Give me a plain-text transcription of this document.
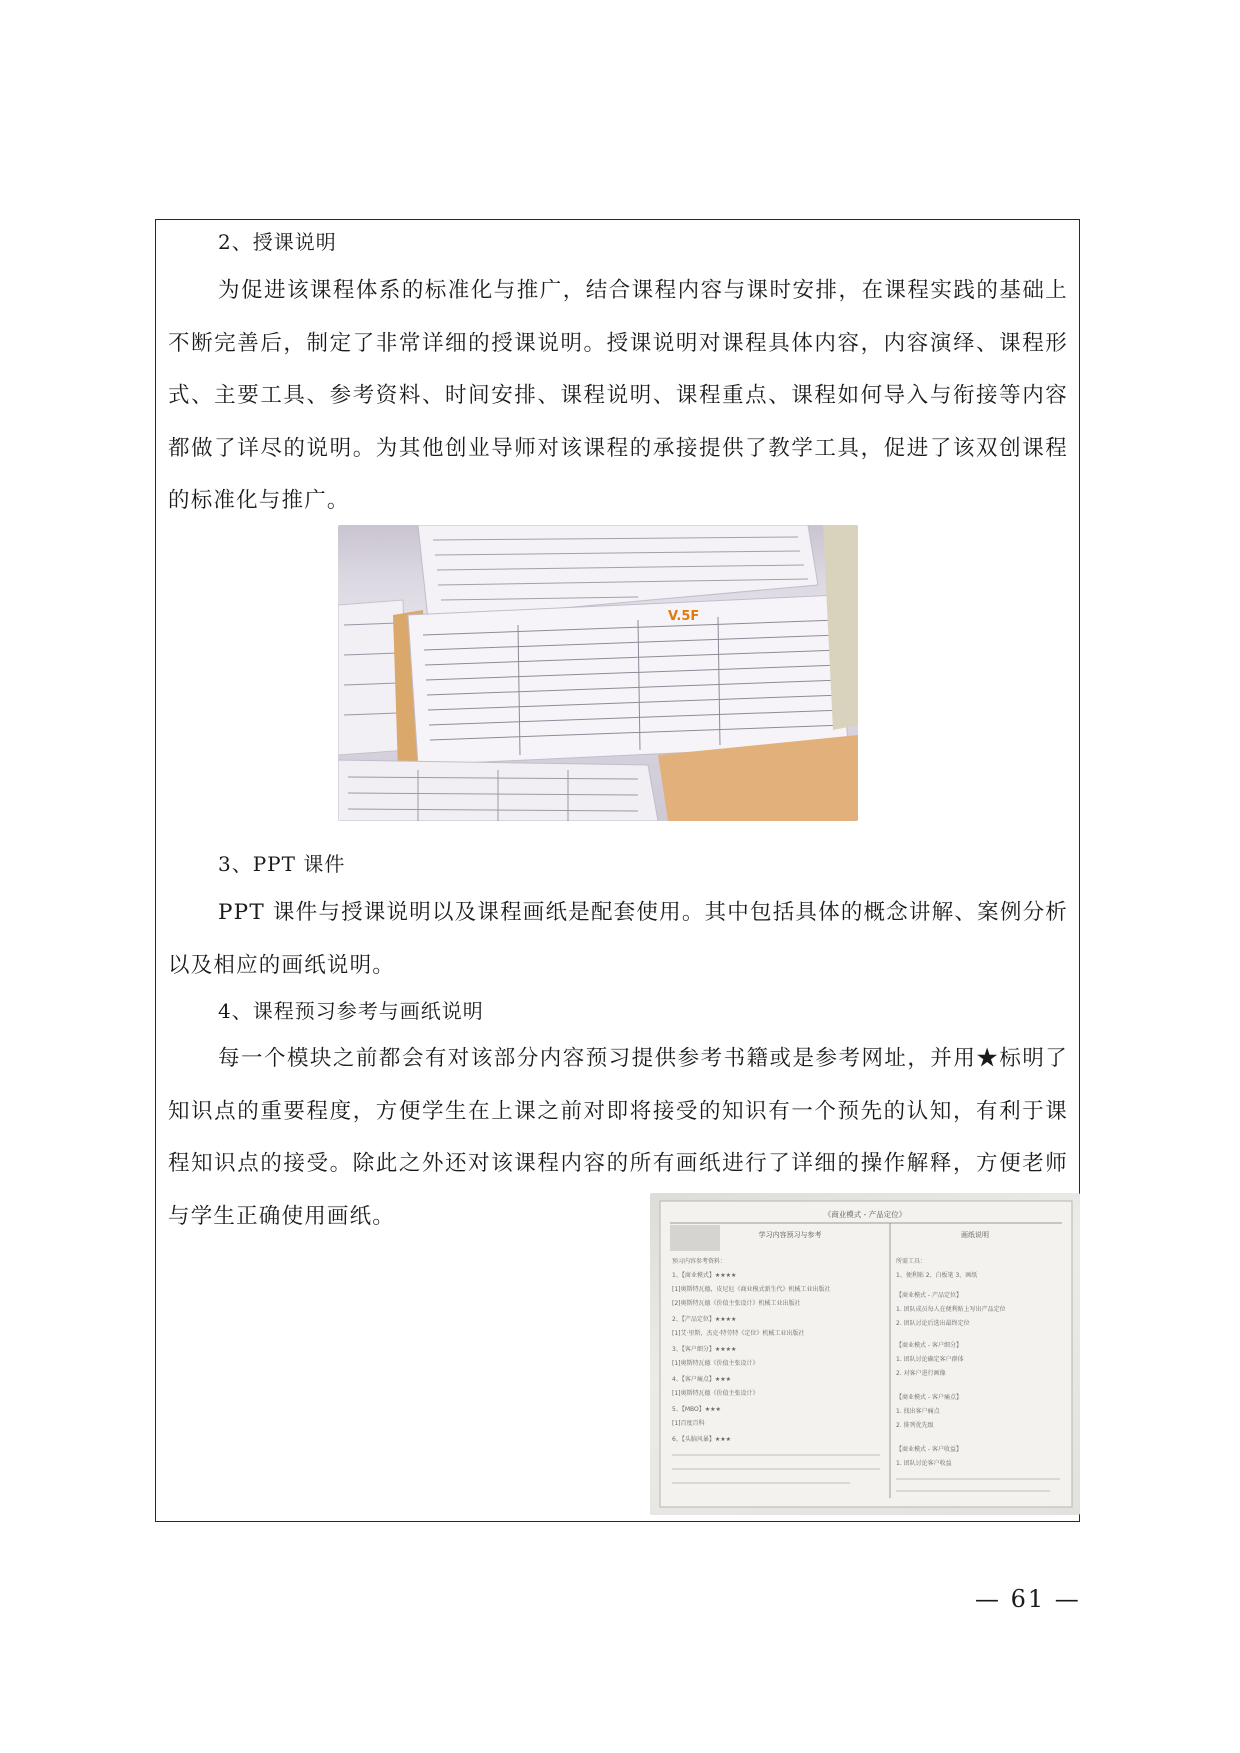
2、授课说明

为促进该课程体系的标准化与推广，结合课程内容与课时安排，在课程实践的基础上不断完善后，制定了非常详细的授课说明。授课说明对课程具体内容，内容演绎、课程形式、主要工具、参考资料、时间安排、课程说明、课程重点、课程如何导入与衔接等内容都做了详尽的说明。为其他创业导师对该课程的承接提供了教学工具，促进了该双创课程的标准化与推广。

V.5F
3、PPT 课件

PPT 课件与授课说明以及课程画纸是配套使用。其中包括具体的概念讲解、案例分析以及相应的画纸说明。

4、课程预习参考与画纸说明

每一个模块之前都会有对该部分内容预习提供参考书籍或是参考网址，并用★标明了知识点的重要程度，方便学生在上课之前对即将接受的知识有一个预先的认知，有利于课程知识点的接受。除此之外还对该课程内容的所有画纸进行了详细的操作解释，方便老师与学生正确使用画纸。	《商业模式 - 产品定位》
学习内容预习与参考	画纸说明
预习内容参考资料：
1、【商业模式】★★★★
[1]奥斯特瓦德，皮尼厄《商业模式新生代》机械工业出版社
[2]奥斯特瓦德《价值主张设计》机械工业出版社
2、【产品定位】★★★★
[1]艾·里斯，杰克·特劳特《定位》机械工业出版社
3、【客户细分】★★★★
[1]奥斯特瓦德《价值主张设计》
4、【客户痛点】★★★
[1]奥斯特瓦德《价值主张设计》
5、【MBO】★★★
[1]百度百科
6、【头脑风暴】★★★
所需工具：
1、便利贴 2、白板笔 3、画纸
【商业模式 - 产品定位】
1. 团队成员每人在便利贴上写出产品定位
2. 团队讨论后选出最终定位
【商业模式 - 客户细分】
1. 团队讨论确定客户群体
2. 对客户进行画像
【商业模式 - 客户痛点】
1. 找出客户痛点
2. 排列优先级
【商业模式 - 客户收益】
1. 团队讨论客户收益
— 61 —
